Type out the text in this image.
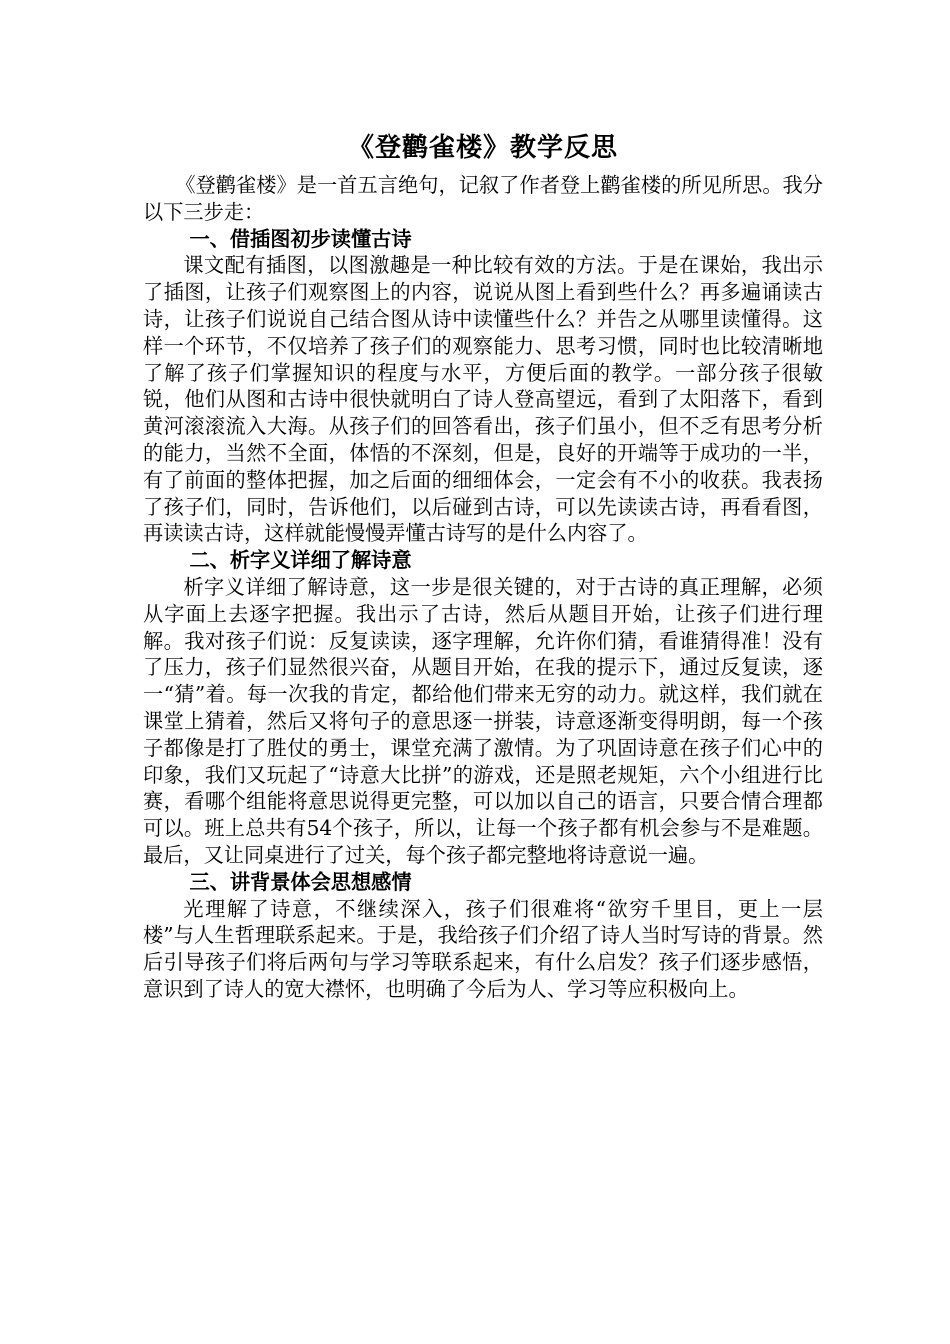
《登鹳雀楼》教学反思

《登鹳雀楼》是一首五言绝句，记叙了作者登上鹳雀楼的所见所思。我分以下三步走：

一、借插图初步读懂古诗

课文配有插图，以图激趣是一种比较有效的方法。于是在课始，我出示了插图，让孩子们观察图上的内容，说说从图上看到些什么？再多遍诵读古诗，让孩子们说说自己结合图从诗中读懂些什么？并告之从哪里读懂得。这样一个环节，不仅培养了孩子们的观察能力、思考习惯，同时也比较清晰地了解了孩子们掌握知识的程度与水平，方便后面的教学。一部分孩子很敏锐，他们从图和古诗中很快就明白了诗人登高望远，看到了太阳落下，看到黄河滚滚流入大海。从孩子们的回答看出，孩子们虽小，但不乏有思考分析的能力，当然不全面，体悟的不深刻，但是，良好的开端等于成功的一半，有了前面的整体把握，加之后面的细细体会，一定会有不小的收获。我表扬了孩子们，同时，告诉他们，以后碰到古诗，可以先读读古诗，再看看图，再读读古诗，这样就能慢慢弄懂古诗写的是什么内容了。

二、析字义详细了解诗意

析字义详细了解诗意，这一步是很关键的，对于古诗的真正理解，必须从字面上去逐字把握。我出示了古诗，然后从题目开始，让孩子们进行理解。我对孩子们说：反复读读，逐字理解，允许你们猜，看谁猜得准！没有了压力，孩子们显然很兴奋，从题目开始，在我的提示下，通过反复读，逐一“猜”着。每一次我的肯定，都给他们带来无穷的动力。就这样，我们就在课堂上猜着，然后又将句子的意思逐一拼装，诗意逐渐变得明朗，每一个孩子都像是打了胜仗的勇士，课堂充满了激情。为了巩固诗意在孩子们心中的印象，我们又玩起了“诗意大比拼”的游戏，还是照老规矩，六个小组进行比赛，看哪个组能将意思说得更完整，可以加以自己的语言，只要合情合理都可以。班上总共有54个孩子，所以，让每一个孩子都有机会参与不是难题。最后，又让同桌进行了过关，每个孩子都完整地将诗意说一遍。

三、讲背景体会思想感情

光理解了诗意，不继续深入，孩子们很难将“欲穷千里目，更上一层楼”与人生哲理联系起来。于是，我给孩子们介绍了诗人当时写诗的背景。然后引导孩子们将后两句与学习等联系起来，有什么启发？孩子们逐步感悟，意识到了诗人的宽大襟怀，也明确了今后为人、学习等应积极向上。
